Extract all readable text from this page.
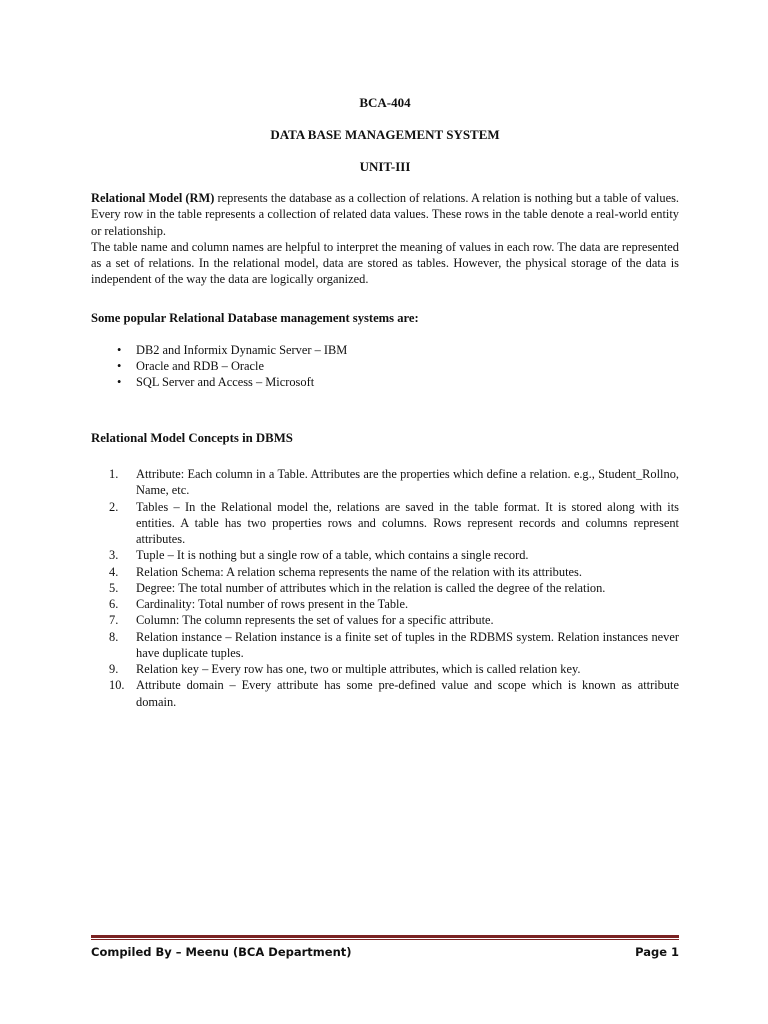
BCA-404
DATA BASE MANAGEMENT SYSTEM
UNIT-III

Relational Model (RM) represents the database as a collection of relations. A relation is nothing but a table of values. Every row in the table represents a collection of related data values. These rows in the table denote a real-world entity or relationship.

The table name and column names are helpful to interpret the meaning of values in each row. The data are represented as a set of relations. In the relational model, data are stored as tables. However, the physical storage of the data is independent of the way the data are logically organized.

Some popular Relational Database management systems are:
• DB2 and Informix Dynamic Server – IBM
• Oracle and RDB – Oracle
• SQL Server and Access – Microsoft
Relational Model Concepts in DBMS
1.	Attribute: Each column in a Table. Attributes are the properties which define a relation. e.g., Student_Rollno, Name, etc.
2.	Tables – In the Relational model the, relations are saved in the table format. It is stored along with its entities. A table has two properties rows and columns. Rows represent records and columns represent attributes.
3.	Tuple – It is nothing but a single row of a table, which contains a single record.
4.	Relation Schema: A relation schema represents the name of the relation with its attributes.
5.	Degree: The total number of attributes which in the relation is called the degree of the relation.
6.	Cardinality: Total number of rows present in the Table.
7.	Column: The column represents the set of values for a specific attribute.
8.	Relation instance – Relation instance is a finite set of tuples in the RDBMS system. Relation instances never have duplicate tuples.
9.	Relation key – Every row has one, two or multiple attributes, which is called relation key.
10. Attribute domain – Every attribute has some pre-defined value and scope which is known as attribute domain.
Compiled By – Meenu (BCA Department)	Page 1
